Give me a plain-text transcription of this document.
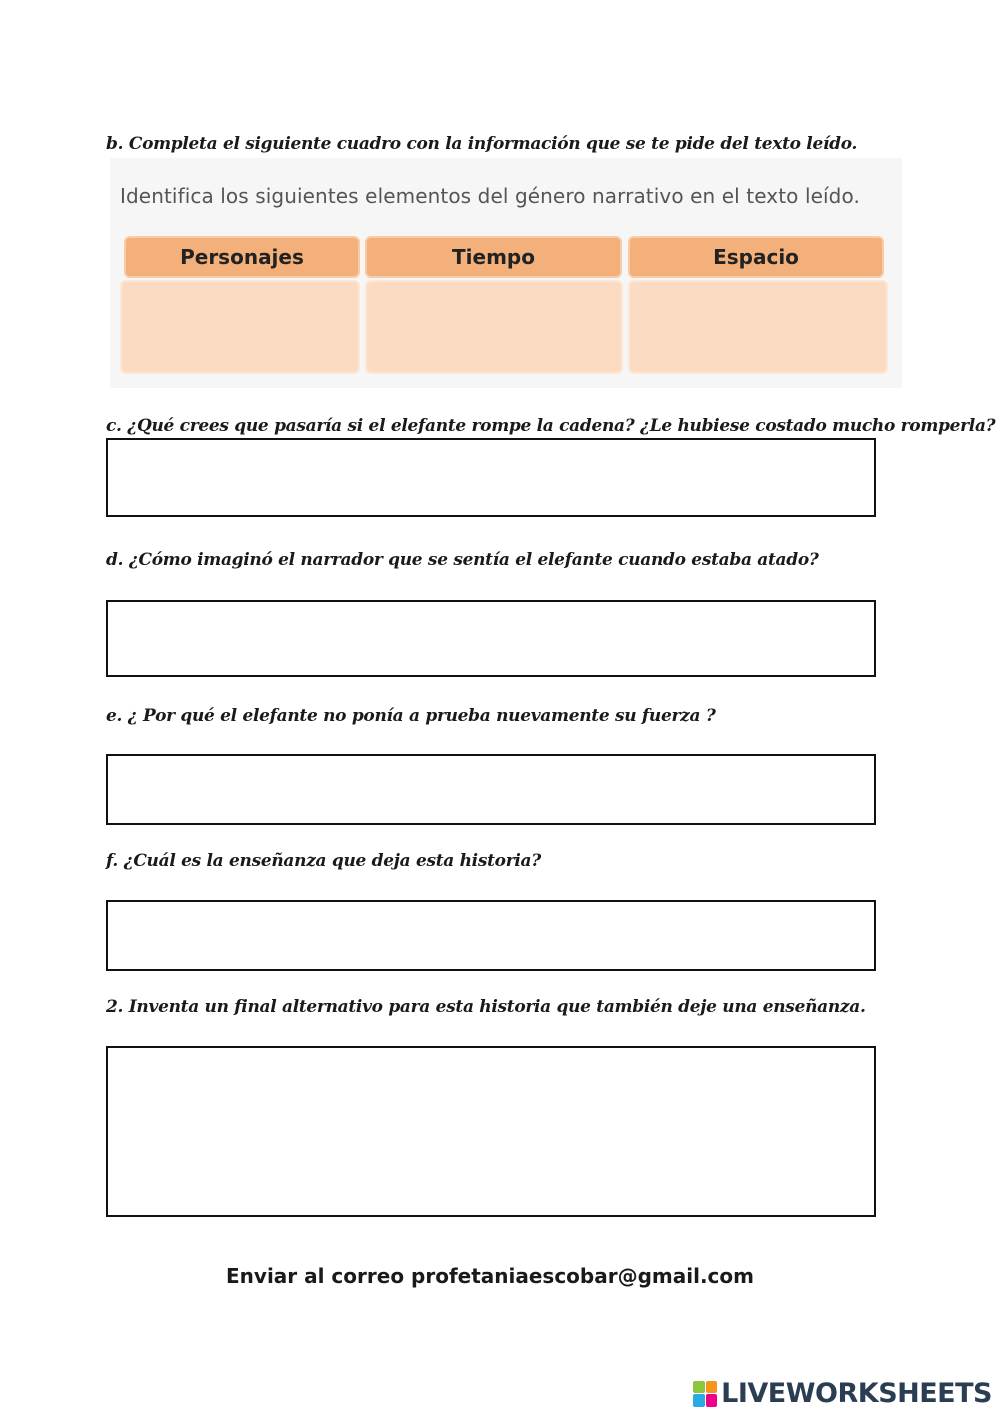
b. Completa el siguiente cuadro con la información que se te pide del texto leído.
Identifica los siguientes elementos del género narrativo en el texto leído.
Personajes	Tiempo	Espacio
c. ¿Qué crees que pasaría si el elefante rompe la cadena? ¿Le hubiese costado mucho romperla?
d. ¿Cómo imaginó el narrador que se sentía el elefante cuando estaba atado?
e. ¿ Por qué el elefante no ponía a prueba nuevamente su fuerza ?
f. ¿Cuál es la enseñanza que deja esta historia?
2. Inventa un final alternativo para esta historia que también deje una enseñanza.
Enviar al correo profetaniaescobar@gmail.com
LIVEWORKSHEETS
